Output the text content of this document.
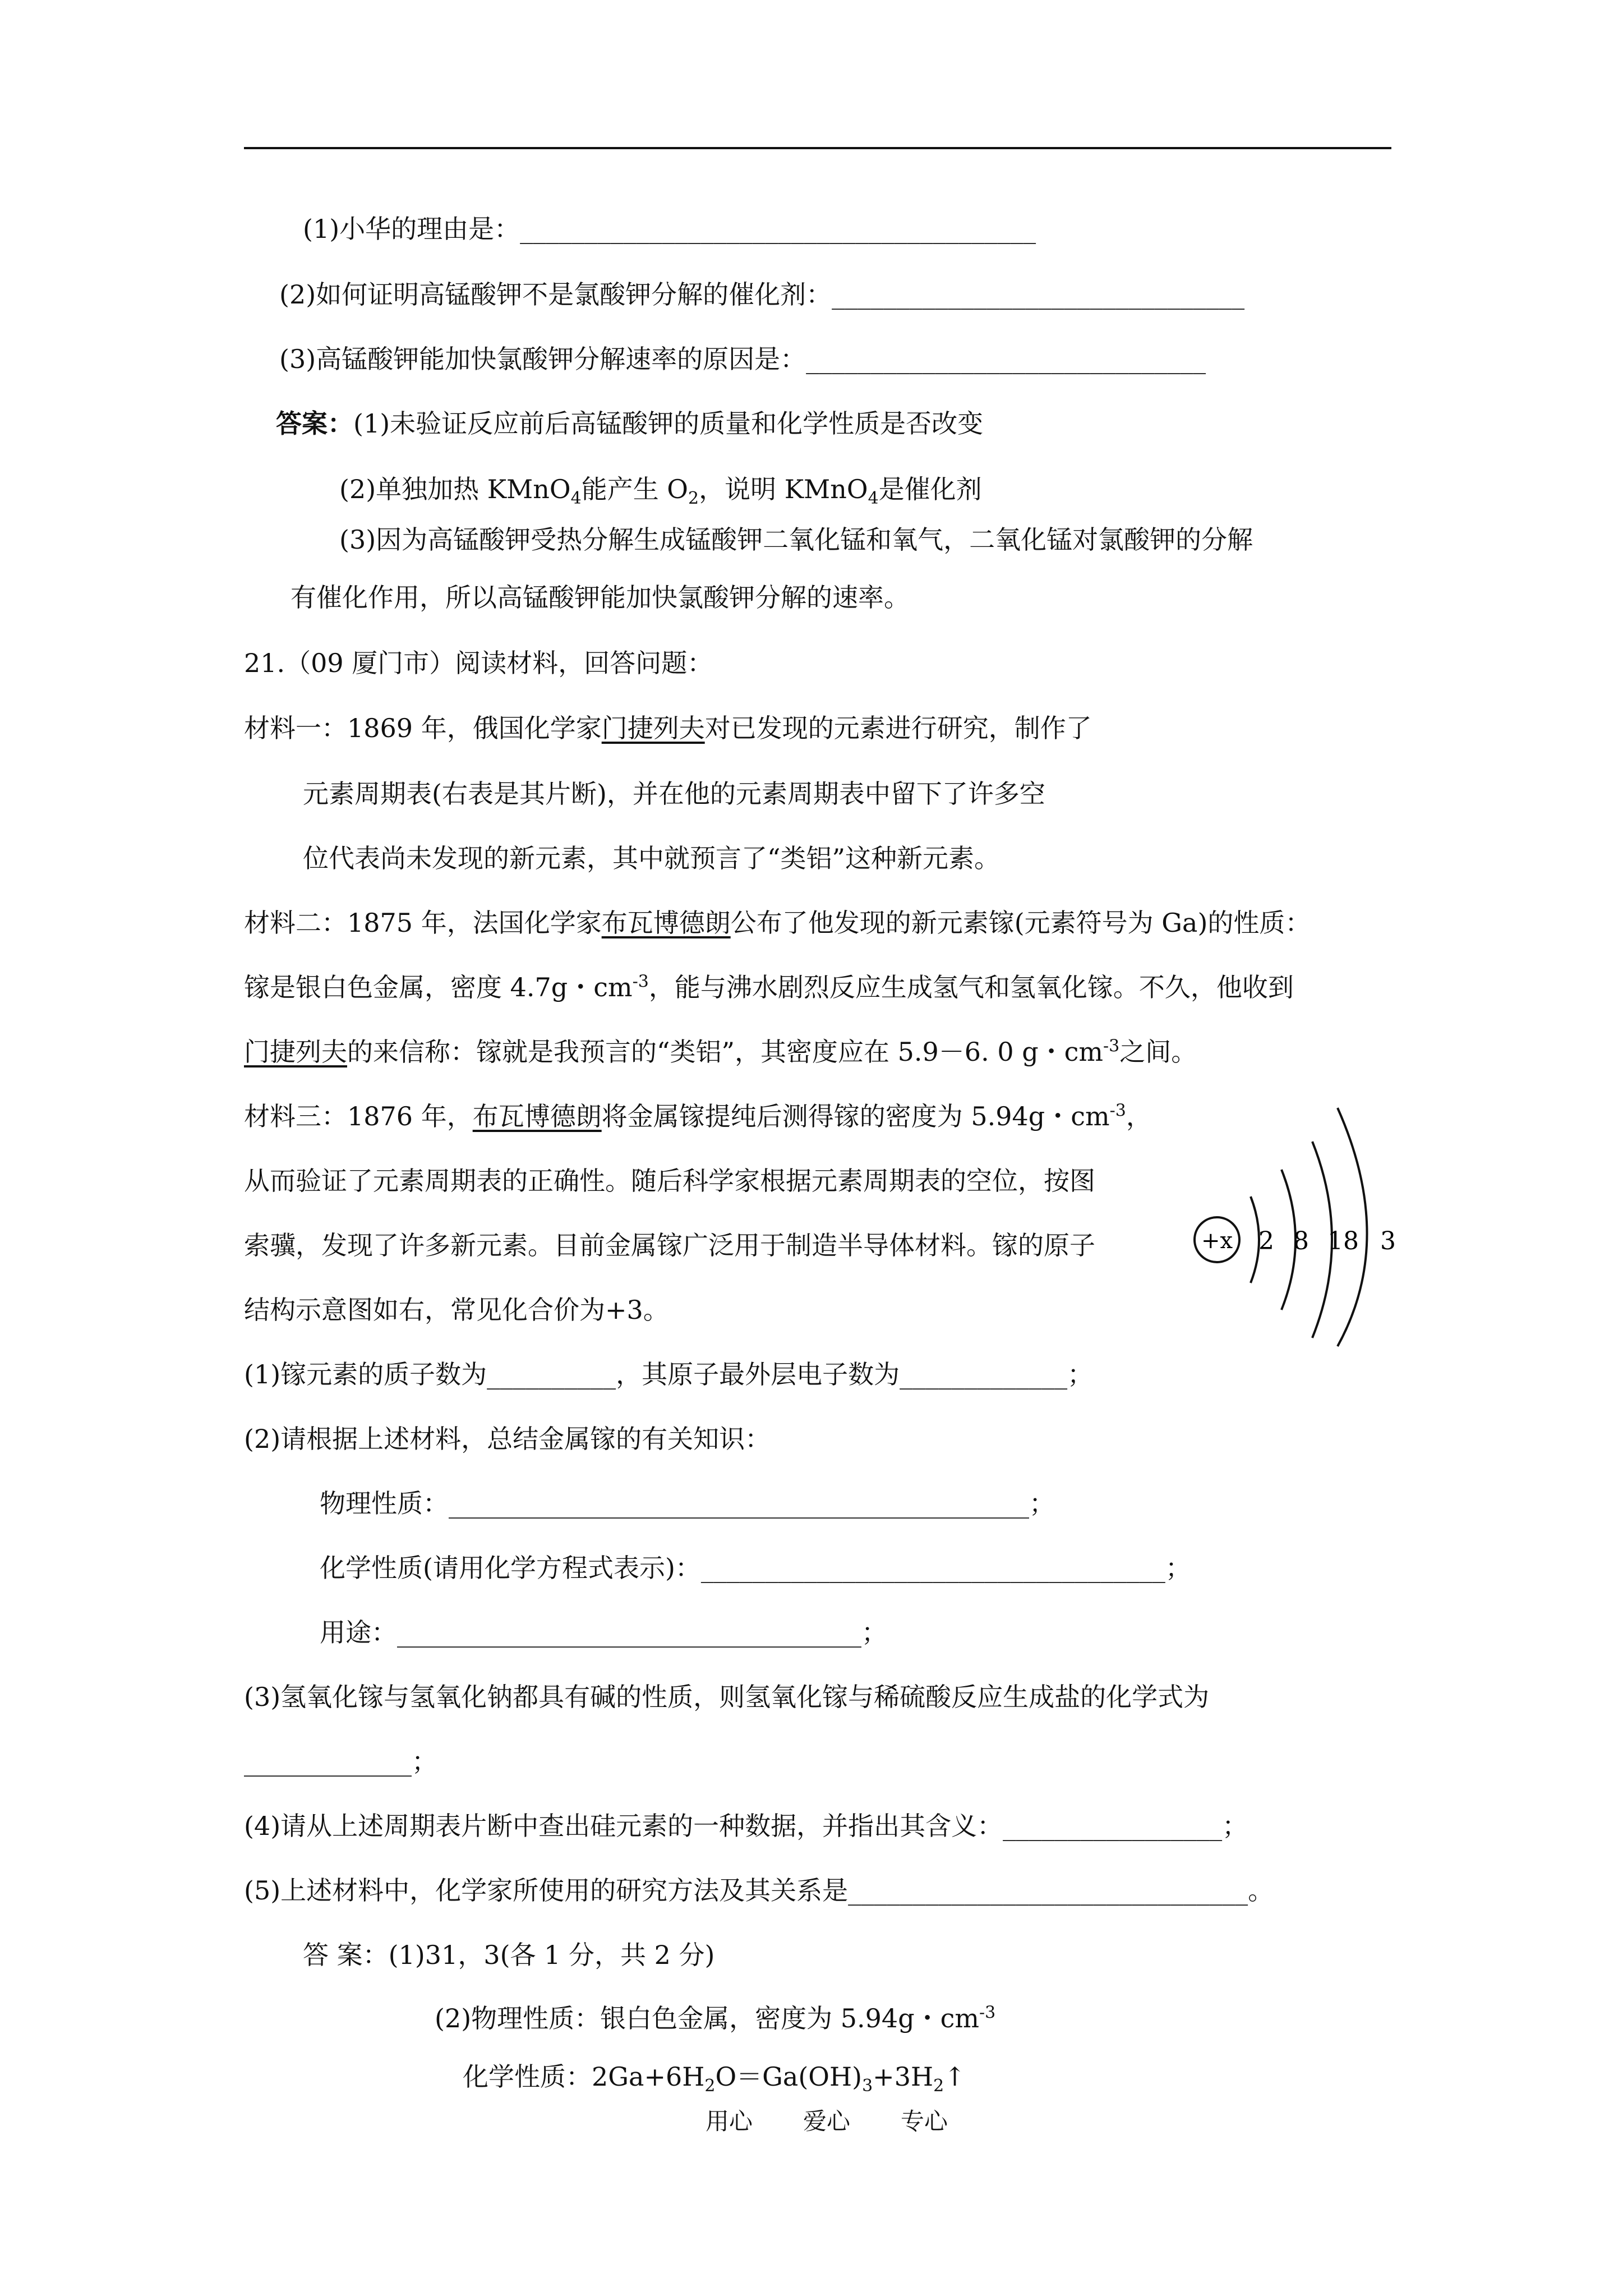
(1)小华的理由是：________________________________________
(2)如何证明高锰酸钾不是氯酸钾分解的催化剂：________________________________
(3)高锰酸钾能加快氯酸钾分解速率的原因是：_______________________________
答案：(1)未验证反应前后高锰酸钾的质量和化学性质是否改变
(2)单独加热 KMnO$_4$能产生 $O_2$，说明 KMnO$_4$是催化剂
(3)因为高锰酸钾受热分解生成锰酸钾二氧化锰和氧气，二氧化锰对氯酸钾的分解
有催化作用，所以高锰酸钾能加快氯酸钾分解的速率。
21.（09 厦门市）阅读材料，回答问题：
材料一：1869 年，俄国化学家门捷列夫对已发现的元素进行研究，制作了
元素周期表(右表是其片断)，并在他的元素周期表中留下了许多空
位代表尚未发现的新元素，其中就预言了“类铝”这种新元素。
材料二：1875 年，法国化学家布瓦博德朗公布了他发现的新元素镓(元素符号为 Ga)的性质：
镓是银白色金属，密度 4.7g・$cm^{-3}$，能与沸水剧烈反应生成氢气和氢氧化镓。不久，他收到
门捷列夫的来信称：镓就是我预言的“类铝”，其密度应在 5.9－6. 0 g・$cm^{-3}$之间。
材料三：1876 年，布瓦博德朗将金属镓提纯后测得镓的密度为 5.94g・$cm^{-3}$，
从而验证了元素周期表的正确性。随后科学家根据元素周期表的空位，按图
索骥，发现了许多新元素。目前金属镓广泛用于制造半导体材料。镓的原子
结构示意图如右，常见化合价为+3。
+x 2 8 18 3
(1)镓元素的质子数为__________，其原子最外层电子数为_____________；
(2)请根据上述材料，总结金属镓的有关知识：
物理性质：_____________________________________________；
化学性质(请用化学方程式表示)：____________________________________；
用途：____________________________________；
(3)氢氧化镓与氢氧化钠都具有碱的性质，则氢氧化镓与稀硫酸反应生成盐的化学式为
_____________；
(4)请从上述周期表片断中查出硅元素的一种数据，并指出其含义：_________________；
(5)上述材料中，化学家所使用的研究方法及其关系是_______________________________。
答 案：(1)31，3(各 1 分，共 2 分)
(2)物理性质：银白色金属，密度为 5.94g・$cm^{-3}$
化学性质：$2Ga+6H_2O=Ga(OH)_3+3H_2↑$
用心 爱心 专心
